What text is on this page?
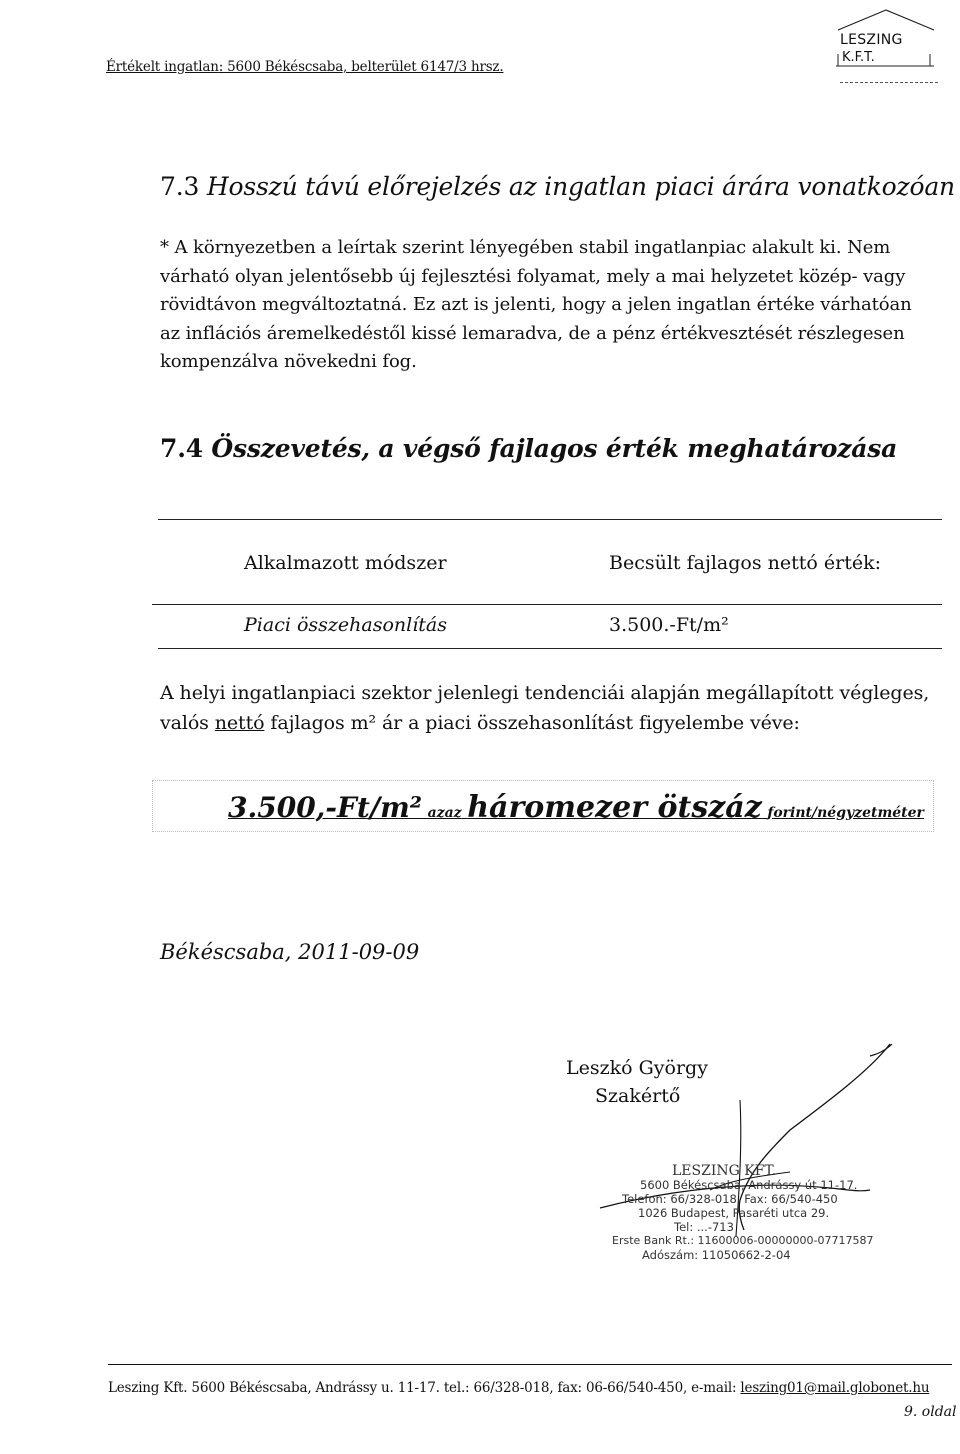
Értékelt ingatlan: 5600 Békéscsaba, belterület 6147/3 hrsz.
LESZING
K.F.T.
7.3 Hosszú távú előrejelzés az ingatlan piaci árára vonatkozóan
* A környezetben a leírtak szerint lényegében stabil ingatlanpiac alakult ki. Nem várható olyan jelentősebb új fejlesztési folyamat, mely a mai helyzetet közép- vagy rövidtávon megváltoztatná. Ez azt is jelenti, hogy a jelen ingatlan értéke várhatóan az inflációs áremelkedéstől kissé lemaradva, de a pénz értékvesztését részlegesen kompenzálva növekedni fog.
7.4 Összevetés, a végső fajlagos érték meghatározása
Alkalmazott módszer	Becsült fajlagos nettó érték:
Piaci összehasonlítás	3.500.-Ft/m²
A helyi ingatlanpiaci szektor jelenlegi tendenciái alapján megállapított végleges, valós nettó fajlagos m² ár a piaci összehasonlítást figyelembe véve:
3.500,-Ft/m² azaz háromezer ötszáz forint/négyzetméter
Békéscsaba, 2011-09-09
Leszkó György
Szakértő
LESZING KFT.
5600 Békéscsaba, Andrássy út 11-17.
Telefon: 66/328-018, Fax: 66/540-450
1026 Budapest, Pasaréti utca 29.
Tel: ...-713
Erste Bank Rt.: 11600006-00000000-07717587
Adószám: 11050662-2-04
Leszing Kft. 5600 Békéscsaba, Andrássy u. 11-17. tel.: 66/328-018, fax: 06-66/540-450, e-mail: leszing01@mail.globonet.hu
9. oldal
